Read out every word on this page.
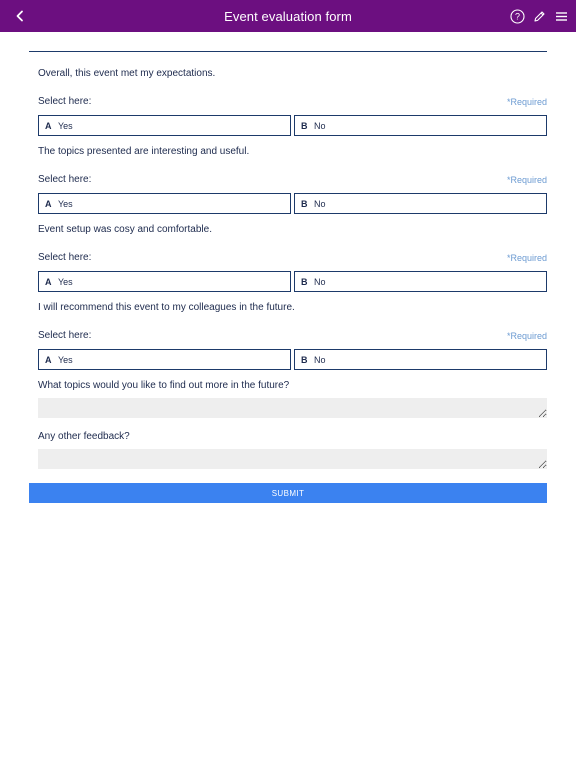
Event evaluation form	?
Overall, this event met my expectations.
Select here:	*Required
A Yes	B No
The topics presented are interesting and useful.
Select here:	*Required
A Yes	B No
Event setup was cosy and comfortable.
Select here:	*Required
A Yes	B No
I will recommend this event to my colleagues in the future.
Select here:	*Required
A Yes	B No
What topics would you like to find out more in the future?
Any other feedback?
SUBMIT
